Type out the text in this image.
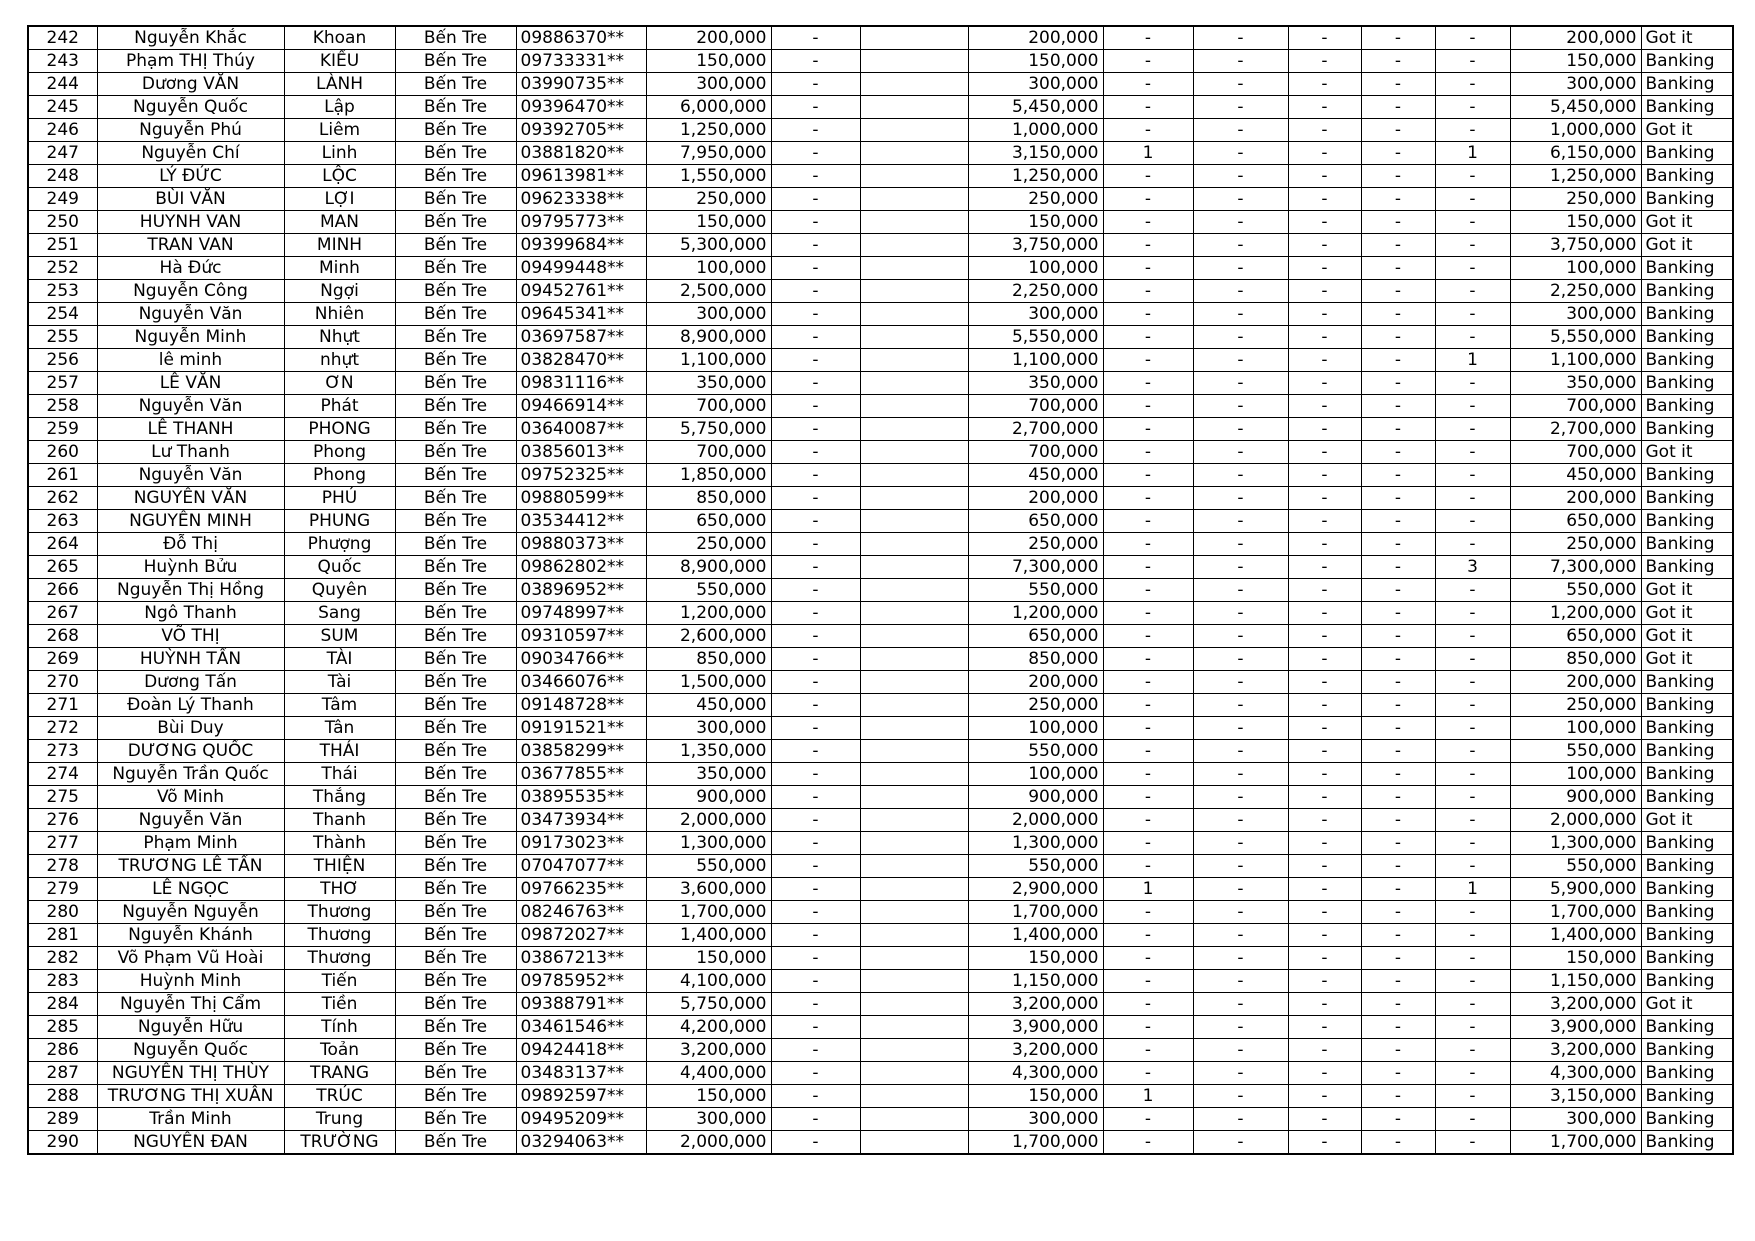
242	Nguyễn Khắc	Khoan	Bến Tre	09886370**	200,000	-		200,000	-	-	-	-	-	200,000	Got it
243	Phạm THỊ Thúy	KIỀU	Bến Tre	09733331**	150,000	-		150,000	-	-	-	-	-	150,000	Banking
244	Dương VĂN	LÀNH	Bến Tre	03990735**	300,000	-		300,000	-	-	-	-	-	300,000	Banking
245	Nguyễn Quốc	Lập	Bến Tre	09396470**	6,000,000	-		5,450,000	-	-	-	-	-	5,450,000	Banking
246	Nguyễn Phú	Liêm	Bến Tre	09392705**	1,250,000	-		1,000,000	-	-	-	-	-	1,000,000	Got it
247	Nguyễn Chí	Linh	Bến Tre	03881820**	7,950,000	-		3,150,000	1	-	-	-	1	6,150,000	Banking
248	LÝ ĐỨC	LỘC	Bến Tre	09613981**	1,550,000	-		1,250,000	-	-	-	-	-	1,250,000	Banking
249	BÙI VĂN	LỢI	Bến Tre	09623338**	250,000	-		250,000	-	-	-	-	-	250,000	Banking
250	HUYNH VAN	MAN	Bến Tre	09795773**	150,000	-		150,000	-	-	-	-	-	150,000	Got it
251	TRAN VAN	MINH	Bến Tre	09399684**	5,300,000	-		3,750,000	-	-	-	-	-	3,750,000	Got it
252	Hà Đức	Minh	Bến Tre	09499448**	100,000	-		100,000	-	-	-	-	-	100,000	Banking
253	Nguyễn Công	Ngợi	Bến Tre	09452761**	2,500,000	-		2,250,000	-	-	-	-	-	2,250,000	Banking
254	Nguyễn Văn	Nhiên	Bến Tre	09645341**	300,000	-		300,000	-	-	-	-	-	300,000	Banking
255	Nguyễn Minh	Nhựt	Bến Tre	03697587**	8,900,000	-		5,550,000	-	-	-	-	-	5,550,000	Banking
256	lê minh	nhựt	Bến Tre	03828470**	1,100,000	-		1,100,000	-	-	-	-	1	1,100,000	Banking
257	LÊ VĂN	ƠN	Bến Tre	09831116**	350,000	-		350,000	-	-	-	-	-	350,000	Banking
258	Nguyễn Văn	Phát	Bến Tre	09466914**	700,000	-		700,000	-	-	-	-	-	700,000	Banking
259	LÊ THANH	PHONG	Bến Tre	03640087**	5,750,000	-		2,700,000	-	-	-	-	-	2,700,000	Banking
260	Lư Thanh	Phong	Bến Tre	03856013**	700,000	-		700,000	-	-	-	-	-	700,000	Got it
261	Nguyễn Văn	Phong	Bến Tre	09752325**	1,850,000	-		450,000	-	-	-	-	-	450,000	Banking
262	NGUYỄN VĂN	PHÚ	Bến Tre	09880599**	850,000	-		200,000	-	-	-	-	-	200,000	Banking
263	NGUYỄN MINH	PHUNG	Bến Tre	03534412**	650,000	-		650,000	-	-	-	-	-	650,000	Banking
264	Đỗ Thị	Phượng	Bến Tre	09880373**	250,000	-		250,000	-	-	-	-	-	250,000	Banking
265	Huỳnh Bửu	Quốc	Bến Tre	09862802**	8,900,000	-		7,300,000	-	-	-	-	3	7,300,000	Banking
266	Nguyễn Thị Hồng	Quyên	Bến Tre	03896952**	550,000	-		550,000	-	-	-	-	-	550,000	Got it
267	Ngô Thanh	Sang	Bến Tre	09748997**	1,200,000	-		1,200,000	-	-	-	-	-	1,200,000	Got it
268	VÕ THỊ	SUM	Bến Tre	09310597**	2,600,000	-		650,000	-	-	-	-	-	650,000	Got it
269	HUỲNH TẤN	TÀI	Bến Tre	09034766**	850,000	-		850,000	-	-	-	-	-	850,000	Got it
270	Dương Tấn	Tài	Bến Tre	03466076**	1,500,000	-		200,000	-	-	-	-	-	200,000	Banking
271	Đoàn Lý Thanh	Tâm	Bến Tre	09148728**	450,000	-		250,000	-	-	-	-	-	250,000	Banking
272	Bùi Duy	Tân	Bến Tre	09191521**	300,000	-		100,000	-	-	-	-	-	100,000	Banking
273	DƯƠNG QUỐC	THÁI	Bến Tre	03858299**	1,350,000	-		550,000	-	-	-	-	-	550,000	Banking
274	Nguyễn Trần Quốc	Thái	Bến Tre	03677855**	350,000	-		100,000	-	-	-	-	-	100,000	Banking
275	Võ Minh	Thắng	Bến Tre	03895535**	900,000	-		900,000	-	-	-	-	-	900,000	Banking
276	Nguyễn Văn	Thanh	Bến Tre	03473934**	2,000,000	-		2,000,000	-	-	-	-	-	2,000,000	Got it
277	Phạm Minh	Thành	Bến Tre	09173023**	1,300,000	-		1,300,000	-	-	-	-	-	1,300,000	Banking
278	TRƯƠNG LÊ TẤN	THIỆN	Bến Tre	07047077**	550,000	-		550,000	-	-	-	-	-	550,000	Banking
279	LÊ NGỌC	THƠ	Bến Tre	09766235**	3,600,000	-		2,900,000	1	-	-	-	1	5,900,000	Banking
280	Nguyễn Nguyễn	Thương	Bến Tre	08246763**	1,700,000	-		1,700,000	-	-	-	-	-	1,700,000	Banking
281	Nguyễn Khánh	Thương	Bến Tre	09872027**	1,400,000	-		1,400,000	-	-	-	-	-	1,400,000	Banking
282	Võ Phạm Vũ Hoài	Thương	Bến Tre	03867213**	150,000	-		150,000	-	-	-	-	-	150,000	Banking
283	Huỳnh Minh	Tiến	Bến Tre	09785952**	4,100,000	-		1,150,000	-	-	-	-	-	1,150,000	Banking
284	Nguyễn Thị Cẩm	Tiền	Bến Tre	09388791**	5,750,000	-		3,200,000	-	-	-	-	-	3,200,000	Got it
285	Nguyễn Hữu	Tính	Bến Tre	03461546**	4,200,000	-		3,900,000	-	-	-	-	-	3,900,000	Banking
286	Nguyễn Quốc	Toản	Bến Tre	09424418**	3,200,000	-		3,200,000	-	-	-	-	-	3,200,000	Banking
287	NGUYỄN THỊ THÙY	TRANG	Bến Tre	03483137**	4,400,000	-		4,300,000	-	-	-	-	-	4,300,000	Banking
288	TRƯƠNG THỊ XUÂN	TRÚC	Bến Tre	09892597**	150,000	-		150,000	1	-	-	-	-	3,150,000	Banking
289	Trần Minh	Trung	Bến Tre	09495209**	300,000	-		300,000	-	-	-	-	-	300,000	Banking
290	NGUYỄN ĐAN	TRƯỜNG	Bến Tre	03294063**	2,000,000	-		1,700,000	-	-	-	-	-	1,700,000	Banking
